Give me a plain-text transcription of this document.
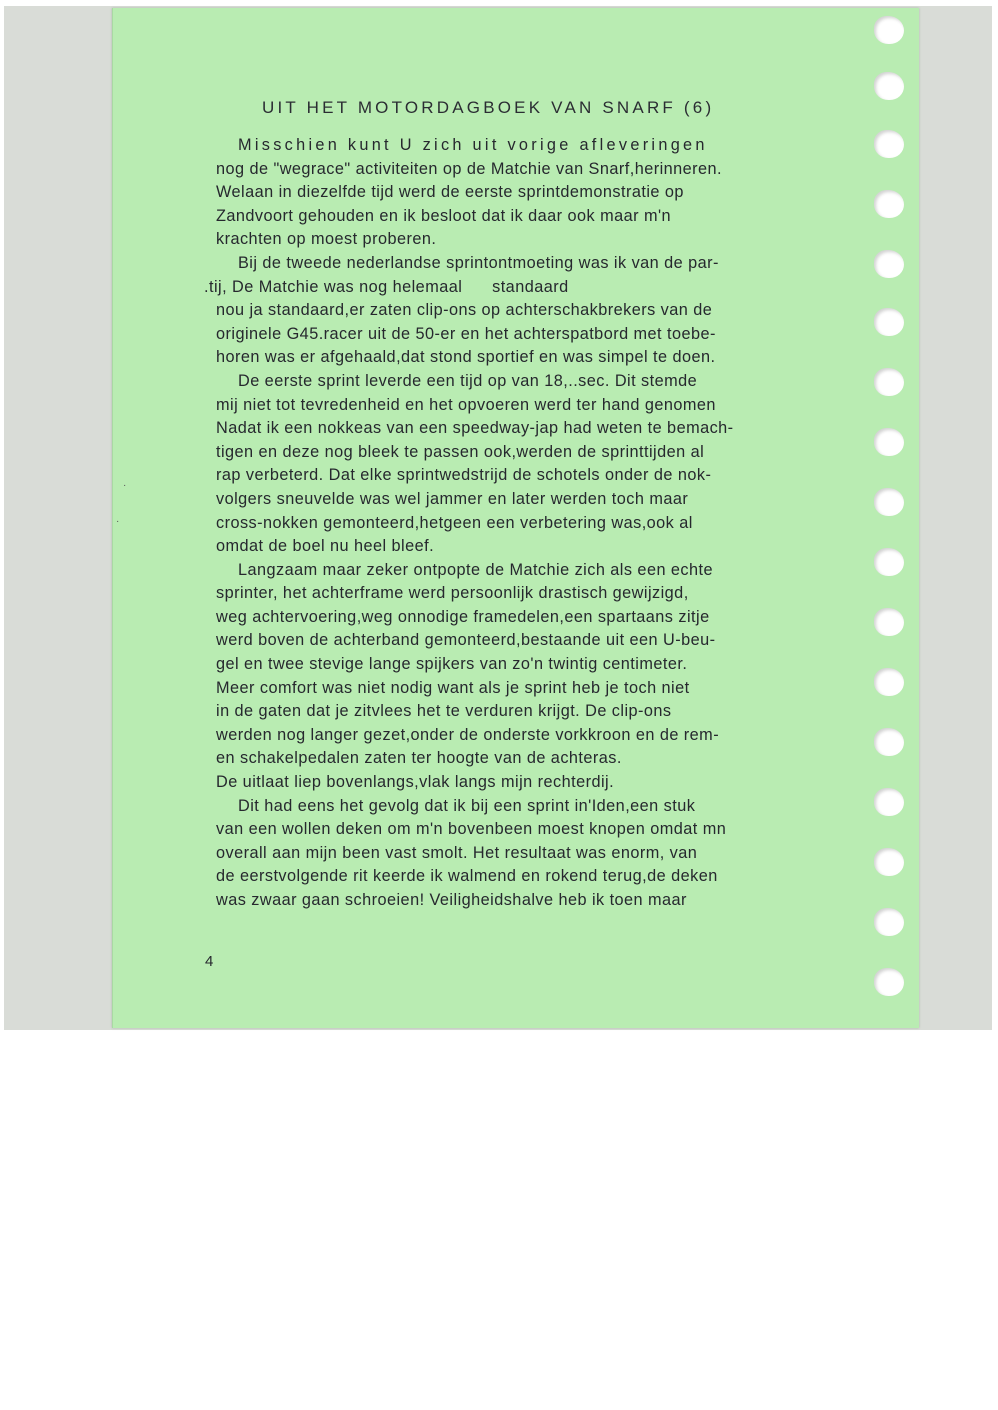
·
·
UIT HET MOTORDAGBOEK VAN SNARF (6)
Misschien kunt U zich uit vorige afleveringen
nog de "wegrace" activiteiten op de Matchie van Snarf,herinneren.
Welaan in diezelfde tijd werd de eerste sprintdemonstratie op
Zandvoort gehouden en ik besloot dat ik daar ook maar m'n
krachten op moest proberen.
Bij de tweede nederlandse sprintontmoeting was ik van de par-
.tij, De Matchie was nog helemaal      standaard
nou ja standaard,er zaten clip-ons op achterschakbrekers van de
originele G45.racer uit de 50-er en het achterspatbord met toebe-
horen was er afgehaald,dat stond sportief en was simpel te doen.
De eerste sprint leverde een tijd op van 18,..sec. Dit stemde
mij niet tot tevredenheid en het opvoeren werd ter hand genomen
Nadat ik een nokkeas van een speedway-jap had weten te bemach-
tigen en deze nog bleek te passen ook,werden de sprinttijden al
rap verbeterd. Dat elke sprintwedstrijd de schotels onder de nok-
volgers sneuvelde was wel jammer en later werden toch maar
cross-nokken gemonteerd,hetgeen een verbetering was,ook al
omdat de boel nu heel bleef.
Langzaam maar zeker ontpopte de Matchie zich als een echte
sprinter, het achterframe werd persoonlijk drastisch gewijzigd,
weg achtervoering,weg onnodige framedelen,een spartaans zitje
werd boven de achterband gemonteerd,bestaande uit een U-beu-
gel en twee stevige lange spijkers van zo'n twintig centimeter.
Meer comfort was niet nodig want als je sprint heb je toch niet
in de gaten dat je zitvlees het te verduren krijgt. De clip-ons
werden nog langer gezet,onder de onderste vorkkroon en de rem-
en schakelpedalen zaten ter hoogte van de achteras.
De uitlaat liep bovenlangs,vlak langs mijn rechterdij.
Dit had eens het gevolg dat ik bij een sprint in'Iden,een stuk
van een wollen deken om m'n bovenbeen moest knopen omdat mn
overall aan mijn been vast smolt. Het resultaat was enorm, van
de eerstvolgende rit keerde ik walmend en rokend terug,de deken
was zwaar gaan schroeien! Veiligheidshalve heb ik toen maar
4
